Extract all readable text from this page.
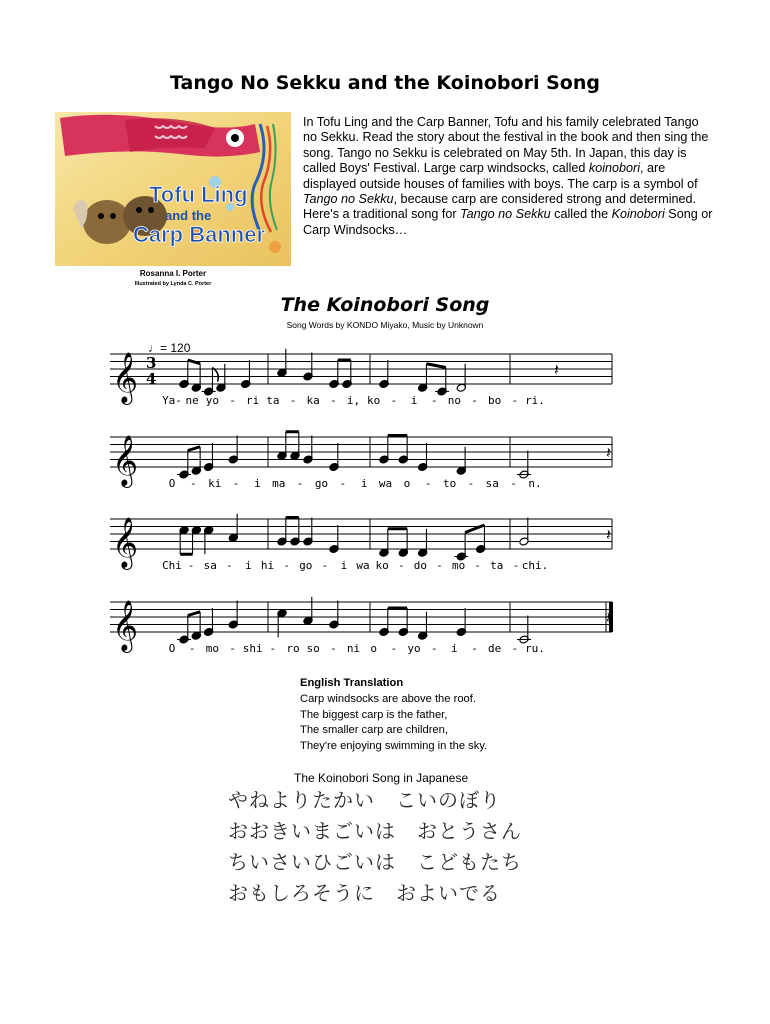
Tango No Sekku and the Koinobori Song
Tofu Ling
and the
Carp Banner
Rosanna I. Porter
Illustrated by Lynda C. Porter
In Tofu Ling and the Carp Banner, Tofu and his family celebrated Tango no Sekku. Read the story about the festival in the book and then sing the song. Tango no Sekku is celebrated on May 5th. In Japan, this day is called Boys' Festival. Large carp windsocks, called koinobori, are displayed outside houses of families with boys. The carp is a symbol of Tango no Sekku, because carp are considered strong and determined. Here's a traditional song for Tango no Sekku called the Koinobori Song or Carp Windsocks…
The Koinobori Song
Song Words by KONDO Miyako, Music by Unknown
♩= 120
𝄞 3
4	𝄽
Ya- ne yo - ri ta - ka - i, ko - i - no - bo - ri.
𝄞	𝄽
O - ki - i ma - go - i wa o - to - sa - n.
𝄞	𝄽
Chi - sa - i hi - go - i wa ko - do - mo - ta - chi.
𝄞	𝄽
O - mo - shi - ro so - ni o - yo - i - de - ru.
English Translation
Carp windsocks are above the roof.
The biggest carp is the father,
The smaller carp are children,
They're enjoying swimming in the sky.
The Koinobori Song in Japanese
やねよりたかい　こいのぼり
おおきいまごいは　おとうさん
ちいさいひごいは　こどもたち
おもしろそうに　およいでる
